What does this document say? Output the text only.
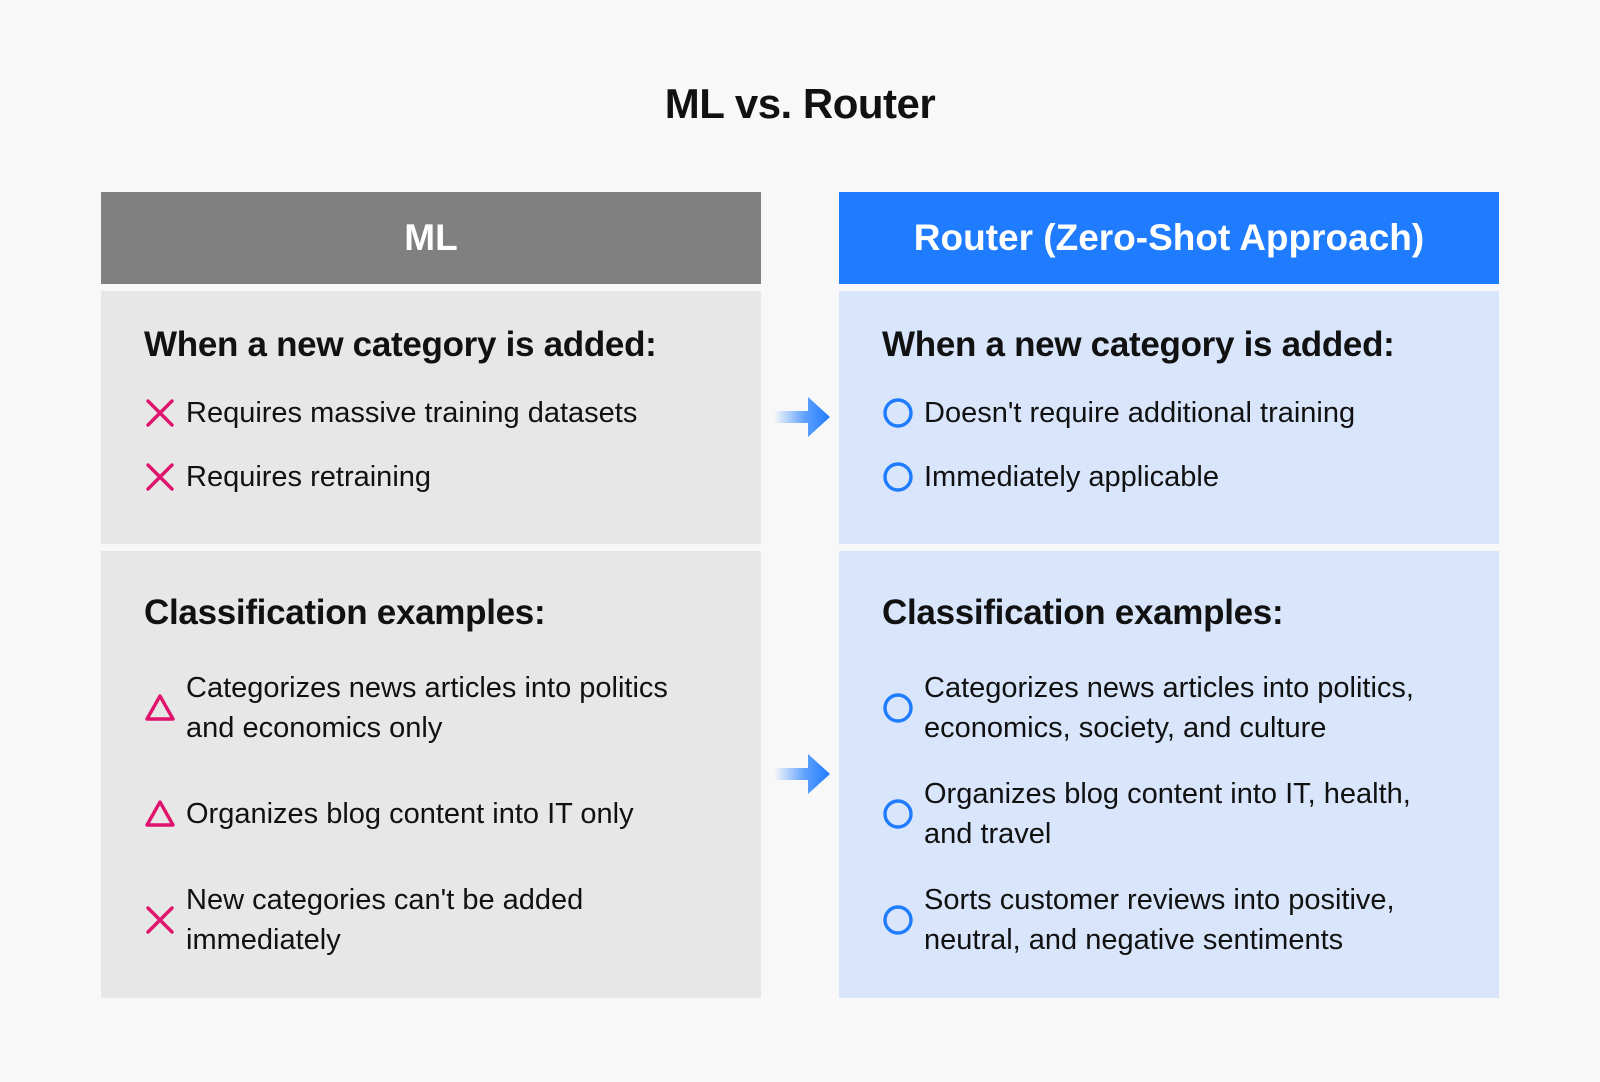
ML vs. Router
ML
When a new category is added:
Requires massive training datasets
Requires retraining
Classification examples:
Categorizes news articles into politics
and economics only
Organizes blog content into IT only
New categories can't be added
immediately
Router (Zero-Shot Approach)
When a new category is added:
Doesn't require additional training
Immediately applicable
Classification examples:
Categorizes news articles into politics,
economics, society, and culture
Organizes blog content into IT, health,
and travel
Sorts customer reviews into positive,
neutral, and negative sentiments
